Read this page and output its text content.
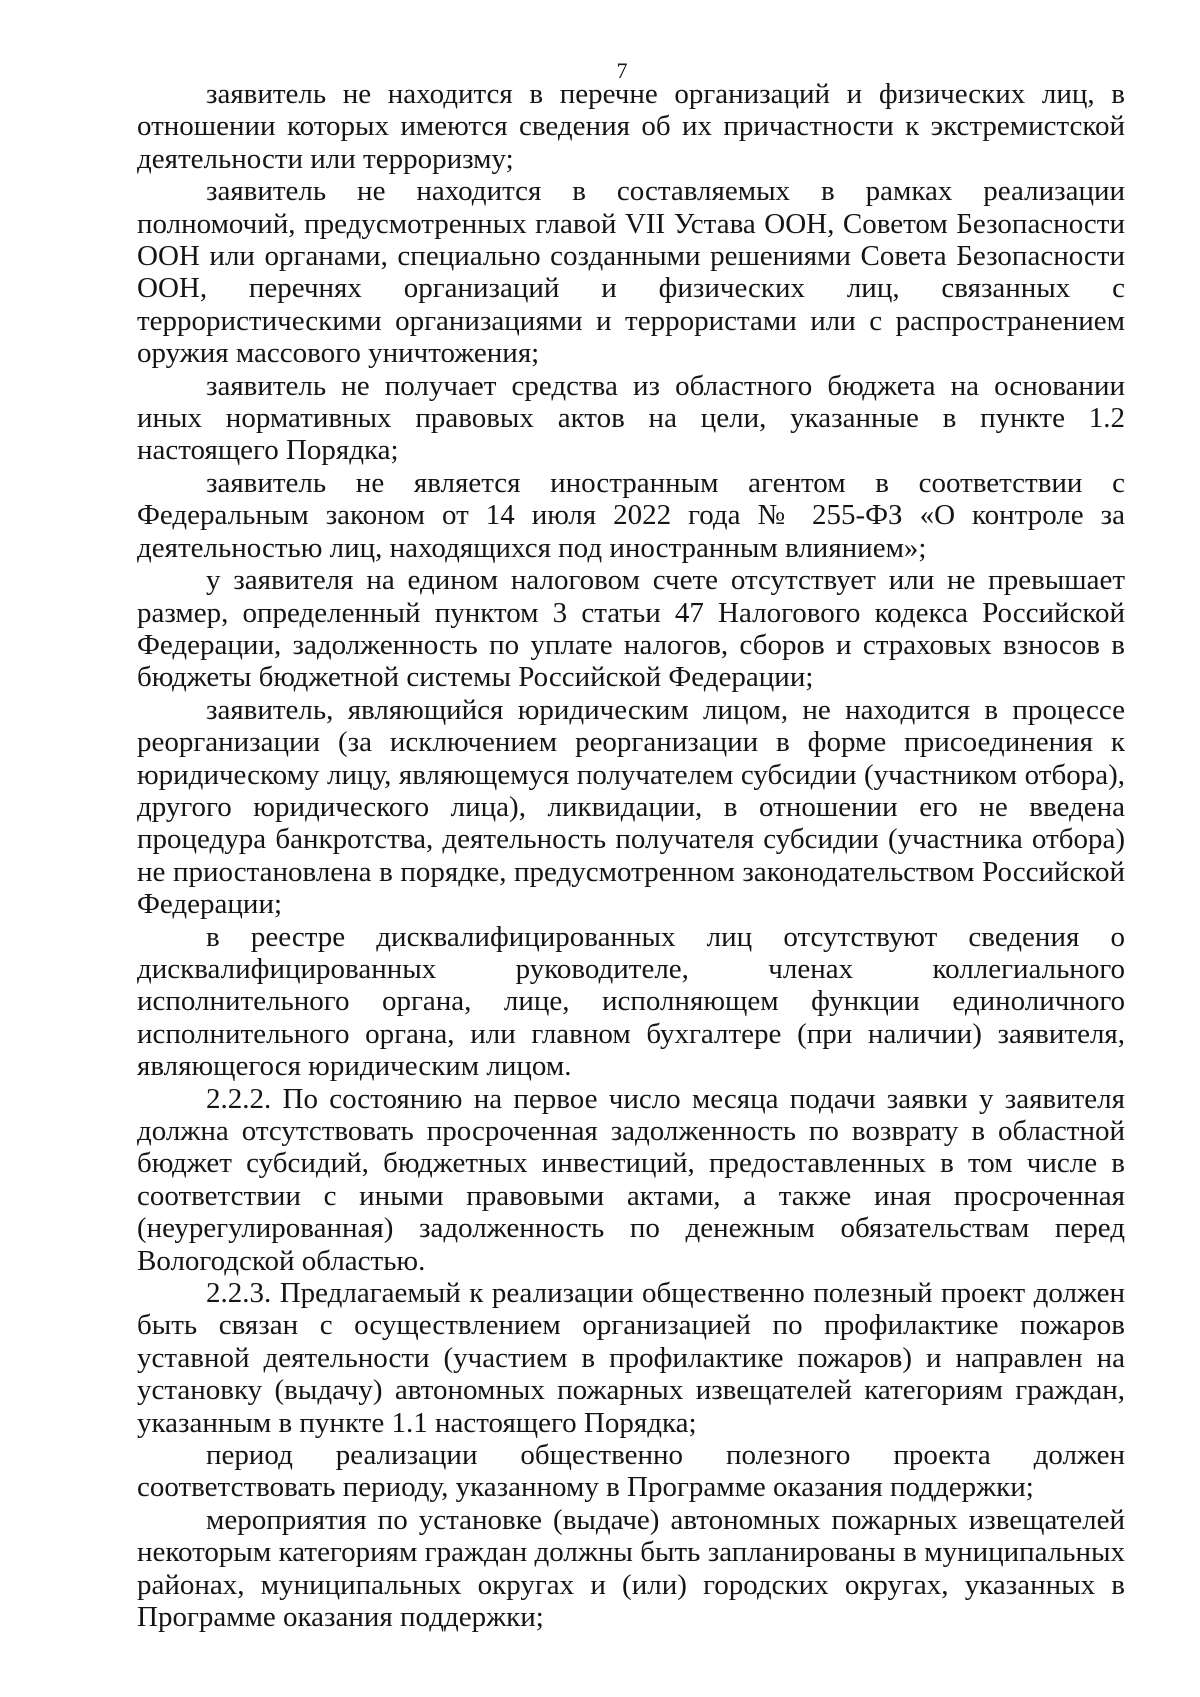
7

заявитель не находится в перечне организаций и физических лиц, в отношении которых имеются сведения об их причастности к экстремистской деятельности или терроризму;

заявитель не находится в составляемых в рамках реализации полномочий, предусмотренных главой VII Устава ООН, Советом Безопасности ООН или органами, специально созданными решениями Совета Безопасности ООН, перечнях организаций и физических лиц, связанных с террористическими организациями и террористами или с распространением оружия массового уничтожения;

заявитель не получает средства из областного бюджета на основании иных нормативных правовых актов на цели, указанные в пункте 1.2 настоящего Порядка;

заявитель не является иностранным агентом в соответствии с Федеральным законом от 14 июля 2022 года № 255-ФЗ «О контроле за деятельностью лиц, находящихся под иностранным влиянием»;

у заявителя на едином налоговом счете отсутствует или не превышает размер, определенный пунктом 3 статьи 47 Налогового кодекса Российской Федерации, задолженность по уплате налогов, сборов и страховых взносов в бюджеты бюджетной системы Российской Федерации;

заявитель, являющийся юридическим лицом, не находится в процессе реорганизации (за исключением реорганизации в форме присоединения к юридическому лицу, являющемуся получателем субсидии (участником отбора), другого юридического лица), ликвидации, в отношении его не введена процедура банкротства, деятельность получателя субсидии (участника отбора) не приостановлена в порядке, предусмотренном законодательством Российской Федерации;

в реестре дисквалифицированных лиц отсутствуют сведения о дисквалифицированных руководителе, членах коллегиального исполнительного органа, лице, исполняющем функции единоличного исполнительного органа, или главном бухгалтере (при наличии) заявителя, являющегося юридическим лицом.

2.2.2. По состоянию на первое число месяца подачи заявки у заявителя должна отсутствовать просроченная задолженность по возврату в областной бюджет субсидий, бюджетных инвестиций, предоставленных в том числе в соответствии с иными правовыми актами, а также иная просроченная (неурегулированная) задолженность по денежным обязательствам перед Вологодской областью.

2.2.3. Предлагаемый к реализации общественно полезный проект должен быть связан с осуществлением организацией по профилактике пожаров уставной деятельности (участием в профилактике пожаров) и направлен на установку (выдачу) автономных пожарных извещателей категориям граждан, указанным в пункте 1.1 настоящего Порядка;

период реализации общественно полезного проекта должен соответствовать периоду, указанному в Программе оказания поддержки;

мероприятия по установке (выдаче) автономных пожарных извещателей некоторым категориям граждан должны быть запланированы в муниципальных районах, муниципальных округах и (или) городских округах, указанных в Программе оказания поддержки;
